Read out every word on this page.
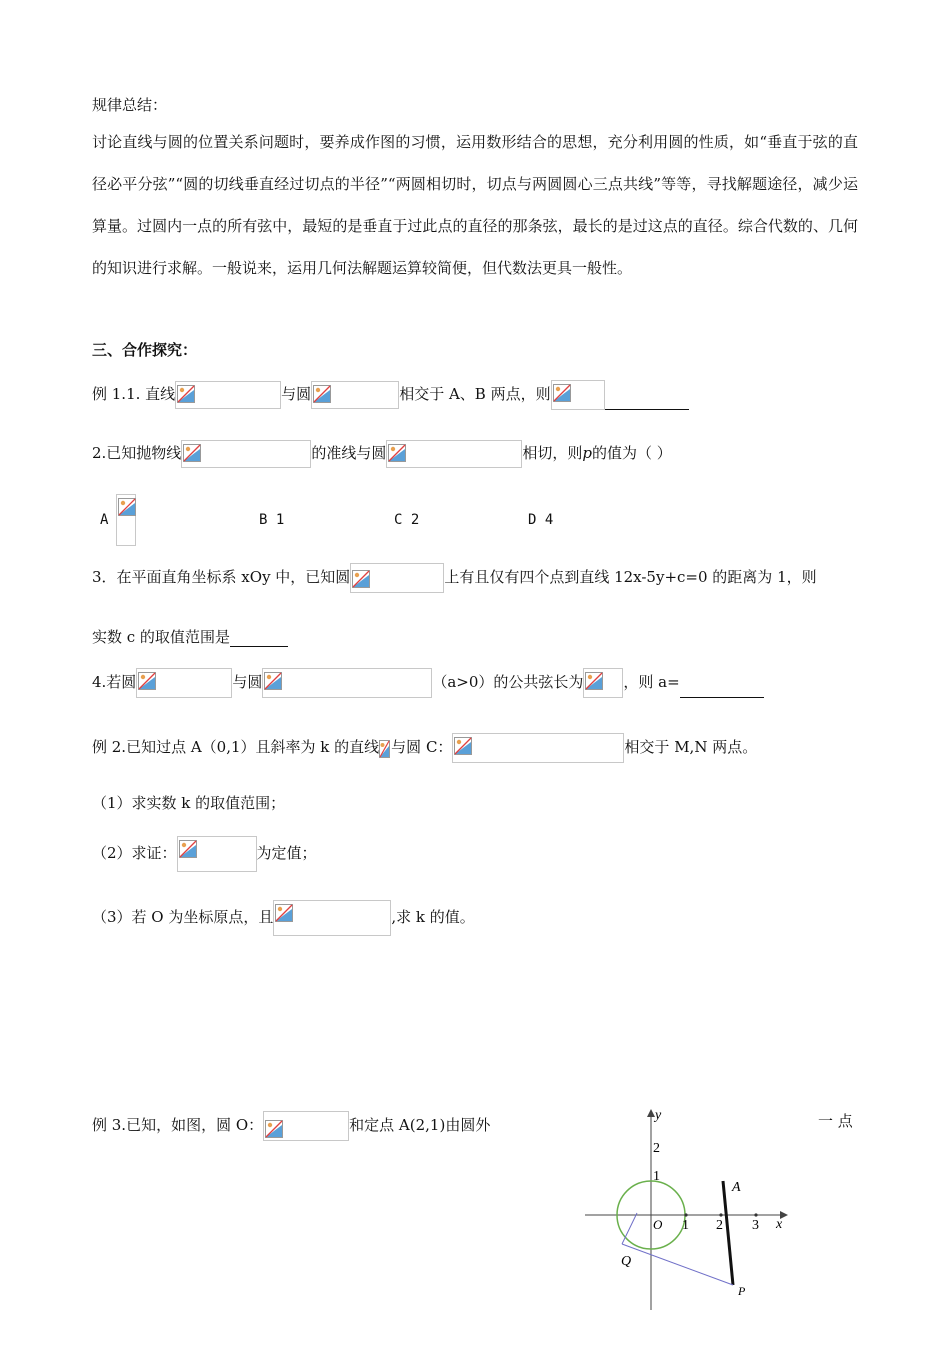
规律总结：
讨论直线与圆的位置关系问题时，要养成作图的习惯，运用数形结合的思想，充分利用圆的性质，如“垂直于弦的直径必平分弦”“圆的切线垂直经过切点的半径”“两圆相切时，切点与两圆圆心三点共线”等等，寻找解题途径，减少运算量。过圆内一点的所有弦中，最短的是垂直于过此点的直径的那条弦，最长的是过这点的直径。综合代数的、几何的知识进行求解。一般说来，运用几何法解题运算较简便，但代数法更具一般性。
三、合作探究：
例 1.1. 直线	与圆	相交于 A、B 两点，则
2.已知抛物线	的准线与圆	相切，则p的值为（ ）
A	B 1	C 2	D 4
3．在平面直角坐标系 xOy 中，已知圆	上有且仅有四个点到直线 12x-5y+c=0 的距离为 1，则
实数 c 的取值范围是
4.若圆	与圆	（a>0）的公共弦长为	，则 a=
例 2.已知过点 A（0,1）且斜率为 k 的直线 与圆 C：	相交于 M,N 两点。
（1）求实数 k 的取值范围；
（2）求证：	为定值；
（3）若 O 为坐标原点，且	,求 k 的值。
例 3.已知，如图，圆 O：	和定点 A(2,1)由圆外	一 点
y
2
1
O 1 2 3 x
A
Q
P
